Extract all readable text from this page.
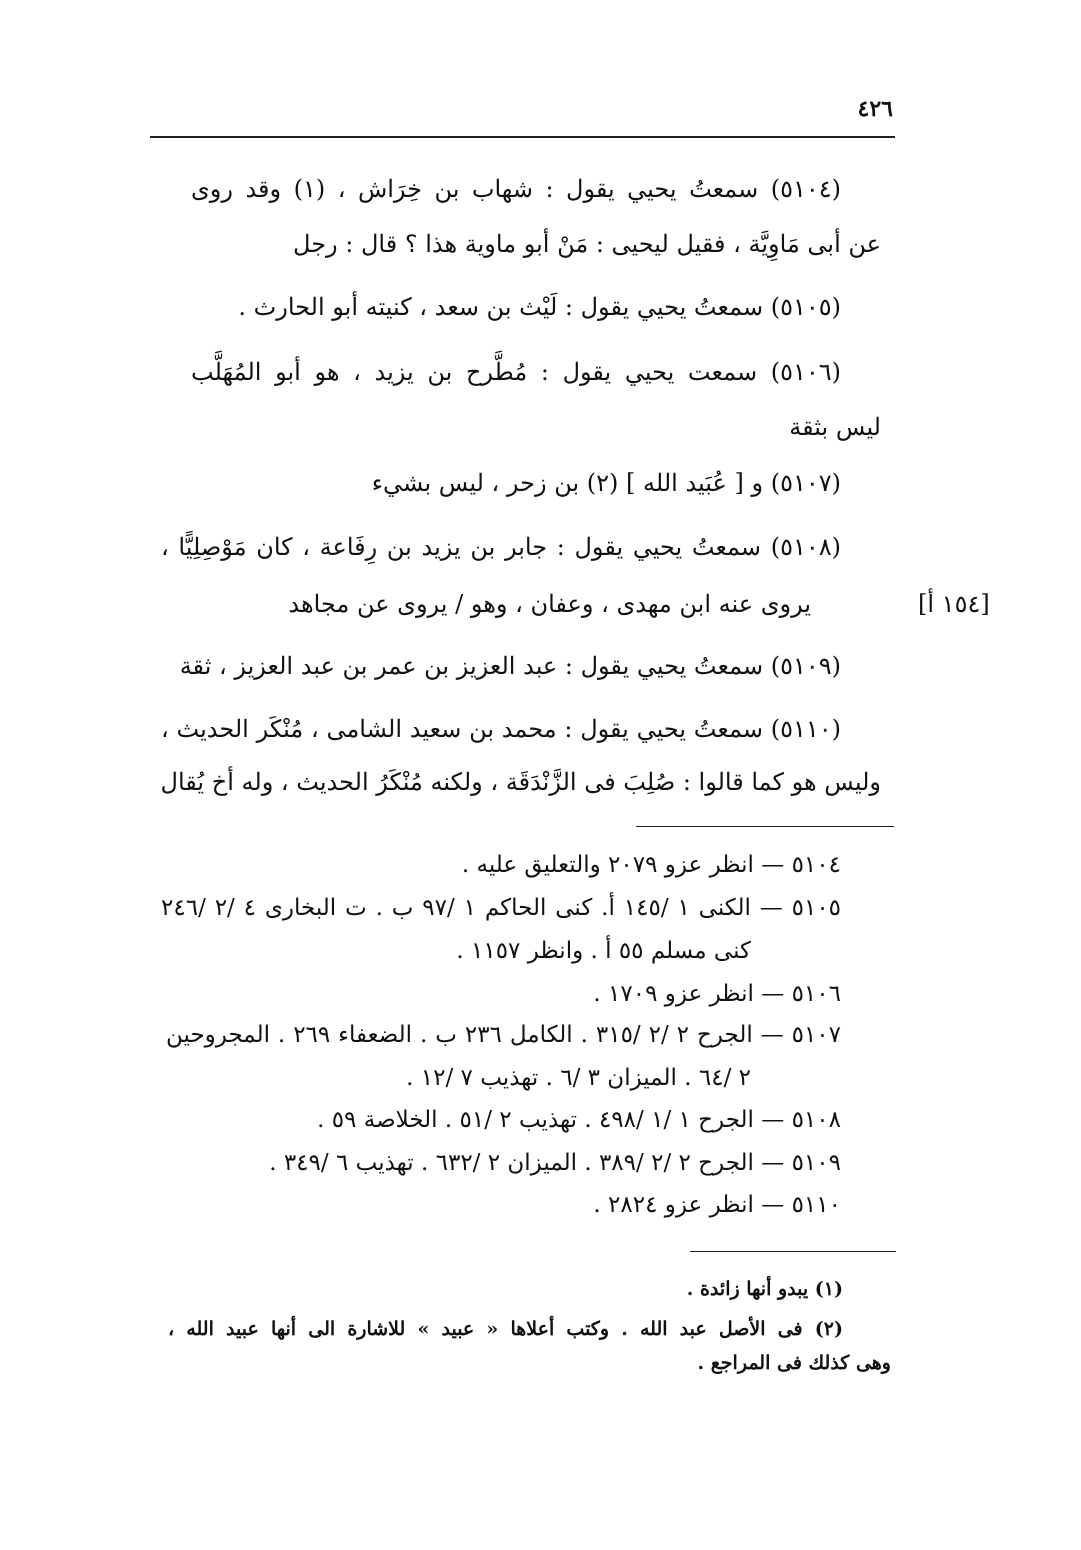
٤٢٦
(٥١٠٤) سمعتُ يحيي يقول : شهاب بن خِرَاش ، (١) وقد روى
عن أبى مَاوِيَّة ، فقيل ليحيى : مَنْ أبو ماوية هذا ؟ قال : رجل
(٥١٠٥) سمعتُ يحيي يقول : لَيْث بن سعد ، كنيته أبو الحارث .
(٥١٠٦) سمعت يحيي يقول : مُطَّرح بن يزيد ، هو أبو المُهَلَّب
ليس بثقة
(٥١٠٧) و [ عُبَيد الله ] (٢) بن زحر ، ليس بشيء
(٥١٠٨) سمعتُ يحيي يقول : جابر بن يزيد بن رِفَاعة ، كان مَوْصِلِيًّا ،
يروى عنه ابن مهدى ، وعفان ، وهو / يروى عن مجاهد	[١٥٤ أ]
(٥١٠٩) سمعتُ يحيي يقول : عبد العزيز بن عمر بن عبد العزيز ، ثقة
(٥١١٠) سمعتُ يحيي يقول : محمد بن سعيد الشامى ، مُنْكَر الحديث ،
وليس هو كما قالوا : صُلِبَ فى الزَّنْدَقَة ، ولكنه مُنْكَرُ الحديث ، وله أخ يُقال
٥١٠٤ — انظر عزو ٢٠٧٩ والتعليق عليه .
٥١٠٥ — الكنى ١ /١٤٥ أ. كنى الحاكم ١ /٩٧ ب . ت البخارى ٤ /٢ /٢٤٦
كنى مسلم ٥٥ أ . وانظر ١١٥٧ .
٥١٠٦ — انظر عزو ١٧٠٩ .
٥١٠٧ — الجرح ٢ /٢ /٣١٥ . الكامل ٢٣٦ ب . الضعفاء ٢٦٩ . المجروحين
٢ /٦٤ . الميزان ٣ /٦ . تهذيب ٧ /١٢ .
٥١٠٨ — الجرح ١ /١ /٤٩٨ . تهذيب ٢ /٥١ . الخلاصة ٥٩ .
٥١٠٩ — الجرح ٢ /٢ /٣٨٩ . الميزان ٢ /٦٣٢ . تهذيب ٦ /٣٤٩ .
٥١١٠ — انظر عزو ٢٨٢٤ .
(١) يبدو أنها زائدة .
(٢) فى الأصل عبد الله . وكتب أعلاها « عبيد » للاشارة الى أنها عبيد الله ،
وهى كذلك فى المراجع .
